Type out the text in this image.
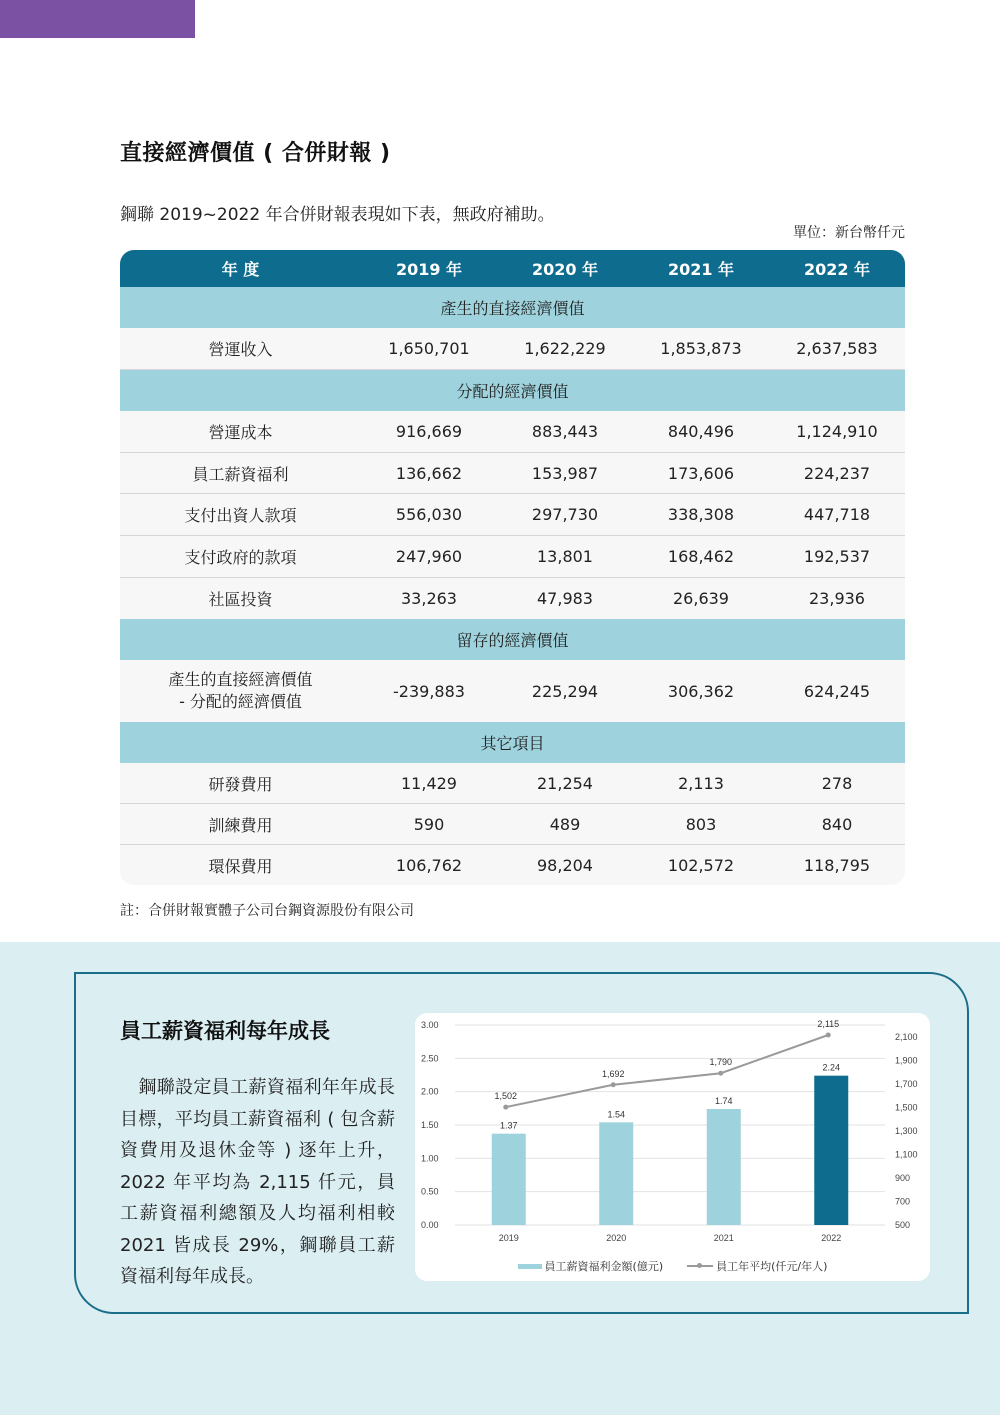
直接經濟價值 ( 合併財報 )
鋼聯 2019~2022 年合併財報表現如下表，無政府補助。
單位：新台幣仟元
年 度	2019 年	2020 年	2021 年	2022 年
產生的直接經濟價值
營運收入	1,650,701	1,622,229	1,853,873	2,637,583
分配的經濟價值
營運成本	916,669	883,443	840,496	1,124,910
員工薪資福利	136,662	153,987	173,606	224,237
支付出資人款項	556,030	297,730	338,308	447,718
支付政府的款項	247,960	13,801	168,462	192,537
社區投資	33,263	47,983	26,639	23,936
留存的經濟價值
產生的直接經濟價值
- 分配的經濟價值
-239,883	225,294	306,362	624,245
其它項目
研發費用	11,429	21,254	2,113	278
訓練費用	590	489	803	840
環保費用	106,762	98,204	102,572	118,795
註：合併財報實體子公司台鋼資源股份有限公司
員工薪資福利每年成長
　鋼聯設定員工薪資福利年年成長目標，平均員工薪資福利 ( 包含薪資費用及退休金等 ) 逐年上升，2022 年平均為 2,115 仟元，員工薪資福利總額及人均福利相較 2021 皆成長 29%，鋼聯員工薪資福利每年成長。
0.00
0.50
1.00
1.50
2.00
2.50
3.00
500
700
900
1,100
1,300
1,500
1,700
1,900
2,100
1.37
1.54
1.74
2.24
2019	2020	2021	2022
1,502
1,692
1,790
2,115
員工薪資福利金額(億元)	員工年平均(仟元/年人)
